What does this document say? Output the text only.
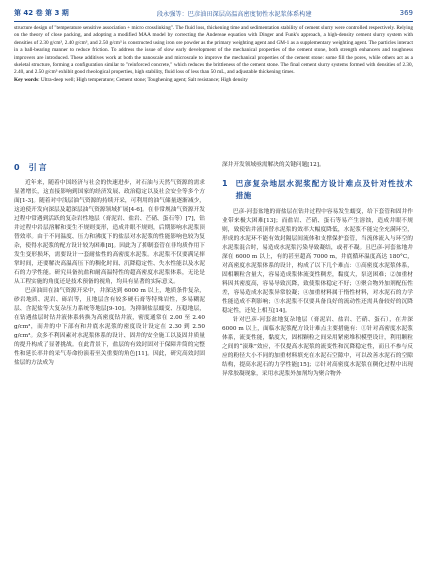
第 42 卷 第 3 期	段永强等：巴彦油田深层高温高密度韧性水泥浆体系构建	369

structure design of "temperature sensitive association + micro crosslinking". The fluid loss, thickening time and sedimentation stability of cement slurry were controlled respectively. Relying on the theory of close packing, and adopting a modified MAA model by correcting the Andereae equation with Dinger and Funk's approach, a high-density cement slurry system with densities of 2.30 g/cm³, 2.40 g/cm³, and 2.50 g/cm³ is constructed using iron ore powder as the primary weighting agent and GM-1 as a supplementary weighting agent. The particles interact in a ball-bearing manner to reduce friction. To address the issue of slow early development of the mechanical properties of the cement stone, both strength enhancers and toughness improvers are introduced. These additives work at both the nanoscale and microscale to improve the mechanical properties of the cement stone: some fill the pores, while others act as a skeletal structure, forming a configuration similar to "reinforced concrete," which reduces the brittleness of the cement stone. The final cement slurry systems formed with densities of 2.30, 2.40, and 2.50 g/cm³ exhibit good rheological properties, high stability, fluid loss of less than 50 mL, and adjustable thickening times.

Key words: Ultra-deep well; High temperature; Cement stone; Toughening agent; Salt resistance; High density

0 引言

近年来，随着中国经济与社会的快速进步，对石油与天然气资源的需求显著增长，这直接影响到国家的经济发展、政治稳定以及社会安全等多个方面[1-3]。随着对中浅层油气资源的持续开采，可利用的油气储量逐渐减少，这迫使开发向深层及超深层油气资源领域扩展[4-6]。在非常规油气资源开发过程中常遇到活跃的复杂岩性地层（膏泥岩、盐岩、芒硝、蛋石等）[7]，钻井过程中岩层溶解和变生不规则变形，造成井眼不规则，后期影响水泥浆顶替效率。由于不同温度、压力和沸度下的盐层对水泥浆的性能影响也较为复杂，使得水泥浆的配方设计较为困难[8]。因此为了抑制套管在非均质作用下发生变形损坏，需要设计一套耐盐性的高密度水泥浆。水泥浆不仅要满足摔掌时间，还要解决高温高压下的稠化时间、沉降稳定性、失水性能以及水泥石的力学性能。研究具备抗盐和耐高温特性的超高密度水泥浆体系，无论是从工程实施的角度还是技术预备的视角，均具有显著的实际意义。

巴彦油田在油气资源开采中，井深达到 6000 m 以上，地质条件复杂，砂岩地质、泥岩、砾岩等，且地层含有较多硬石膏等特殊岩性，多易糊泥层、含泥盐等大复杂压力系统等地层[9-10]。为抑制盐层蠕变、压稳地层，在钻遇盐层时钻井液体系转换为高密度钻井液，密度通常在 2.00 至 2.40 g/cm³，而井的中下部有和井底水泥浆的密度设计设定在 2.30 到 2.50 g/cm³。众多不利因素对水泥浆体系的设计、固井的安全施工以及固井质量的提升构成了显著挑战。在此背景下，盐层的有效封固对于保障井筒的完整性和延长率井的采气寿命扮演着至关重要的角色[11]。因此，研究高效封固盐层的方法成为

深井开发领域亟需解决的关键问题[12]。

1 巴彦复杂地层水泥浆配方设计难点及针对性技术措施

巴彦-河套盆地的膏盐层在钻井过程中容易发生蠕变，给下套管和固井作业带来极大困难[13]；而盐岩、芒硝、蛋石等易产生溶蚀，造成井眼不规则，致使钻井液顶替水泥浆的效率大幅度降低，水泥浆不能完全充满环空，形成的水泥环不能有效封隔层间流体和支撑保护套管，当流体流入与环空的水泥浆混合时，易造成水泥浆污染导致凝结，或者不凝。且巴彦-河套盆地井深在 6000 m 以上，有的甚至超高 7000 m，井底循环温度高达 180°C，对高密度水泥浆体系的设计，构成了以下几个难点：①高密度水泥浆体系，固相颗粒含量大，容易造成浆体流变性稠差，黏度大，泵送困难；②加重材料因其密度高，容易导致沉降，致使浆体稳定不好；③聚合物外加剂配伍性差，容易造成水泥浆异常胶凝；④加重材料属于惰性材料，对水泥石的力学性能造成不利影响；⑤水泥浆不仅要具备良好的流动性还需具备较好的沉降稳定性，还处上相互[14]。

针对巴彦-河套盆地复杂地层（膏泥岩、盐岩、芒硝、蛋石），在井深 6000 m 以上，面临水泥浆配方设计难点主要措施有：①针对高密度水泥浆体系，流变性能，黏度大，固相颗粒之间采用紧密堆积模型设计，利用颗粒之间的“滚珠”效应，不仅提高水泥浆的流变性和沉降稳定性，而且不参与反应的粉径大小不同的加重材料填充在水泥石空隙中，可以改善水泥石的空隙结构，提高水泥石的力学性能[15]；②针对高密度水泥浆在稠化过程中出现异常胶凝现象，采用水泥浆外加剂均为聚合物外
